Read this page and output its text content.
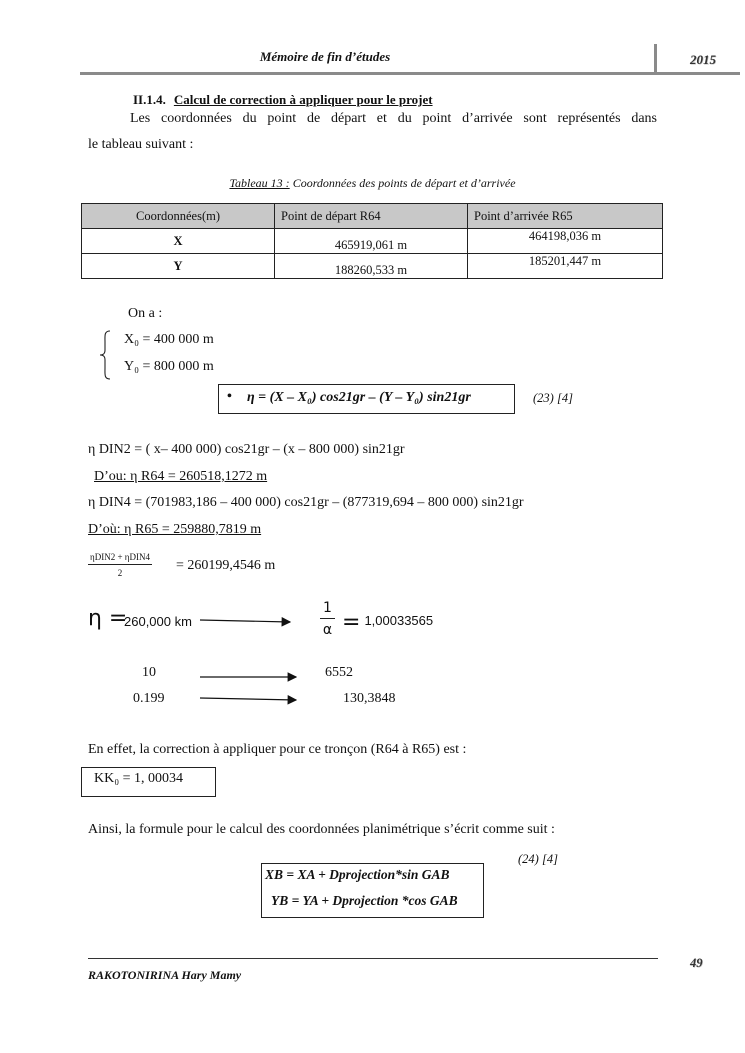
Mémoire de fin d’études	2015
II.1.4. Calcul de correction à appliquer pour le projet
Les coordonnées du point de départ et du point d’arrivée sont représentés dans
le tableau suivant :
Tableau 13 : Coordonnées des points de départ et d’arrivée
Coordonnées(m)	Point de départ R64	Point d’arrivée R65
X	465919,061 m	464198,036 m
Y	188260,533 m	185201,447 m
On a :
X₀ = 400 000 m
Y₀ = 800 000 m
• η = (X – X₀) cos21gr – (Y – Y₀) sin21gr	(23) [4]
η DIN2 = ( x– 400 000) cos21gr – (x – 800 000) sin21gr
D’ou: η R64 = 260518,1272 m
η DIN4 = (701983,186 – 400 000) cos21gr – (877319,694 – 800 000) sin21gr
D’où: η R65 = 259880,7819 m
ηDIN2 + ηDIN4
2	= 260199,4546 m
η =
260,000 km	$\frac{1}{\alpha} = 1,00033565$
10	6552
0.199	130,3848
En effet, la correction à appliquer pour ce tronçon (R64 à R65) est :
KK₀ = 1, 00034
Ainsi, la formule pour le calcul des coordonnées planimétrique s’écrit comme suit :
XB = XA + Dprojection*sin GAB
YB = YA + Dprojection *cos GAB
(24) [4]
RAKOTONIRINA Hary Mamy
49
